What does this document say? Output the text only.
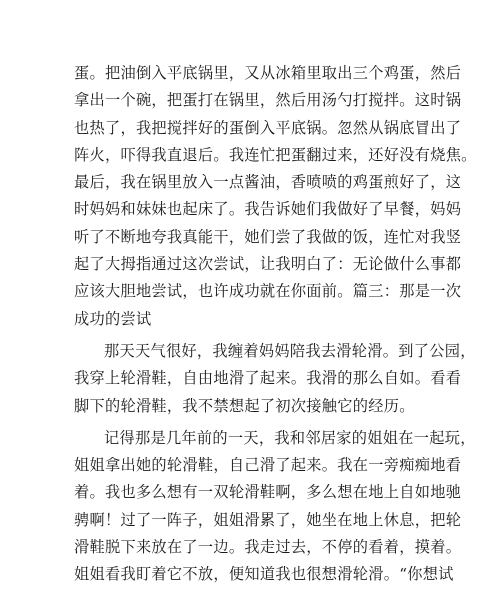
蛋。把油倒入平底锅里，又从冰箱里取出三个鸡蛋，然后
拿出一个碗，把蛋打在锅里，然后用汤勺打搅拌。这时锅
也热了，我把搅拌好的蛋倒入平底锅。忽然从锅底冒出了
阵火，吓得我直退后。我连忙把蛋翻过来，还好没有烧焦。
最后，我在锅里放入一点酱油，香喷喷的鸡蛋煎好了，这
时妈妈和妹妹也起床了。我告诉她们我做好了早餐，妈妈
听了不断地夸我真能干，她们尝了我做的饭，连忙对我竖
起了大拇指通过这次尝试，让我明白了：无论做什么事都
应该大胆地尝试，也许成功就在你面前。篇三：那是一次
成功的尝试
那天天气很好，我缠着妈妈陪我去滑轮滑。到了公园，
我穿上轮滑鞋，自由地滑了起来。我滑的那么自如。看看
脚下的轮滑鞋，我不禁想起了初次接触它的经历。
记得那是几年前的一天，我和邻居家的姐姐在一起玩，
姐姐拿出她的轮滑鞋，自己滑了起来。我在一旁痴痴地看
着。我也多么想有一双轮滑鞋啊，多么想在地上自如地驰
骋啊！过了一阵子，姐姐滑累了，她坐在地上休息，把轮
滑鞋脱下来放在了一边。我走过去，不停的看着，摸着。
姐姐看我盯着它不放，便知道我也很想滑轮滑。“你想试
